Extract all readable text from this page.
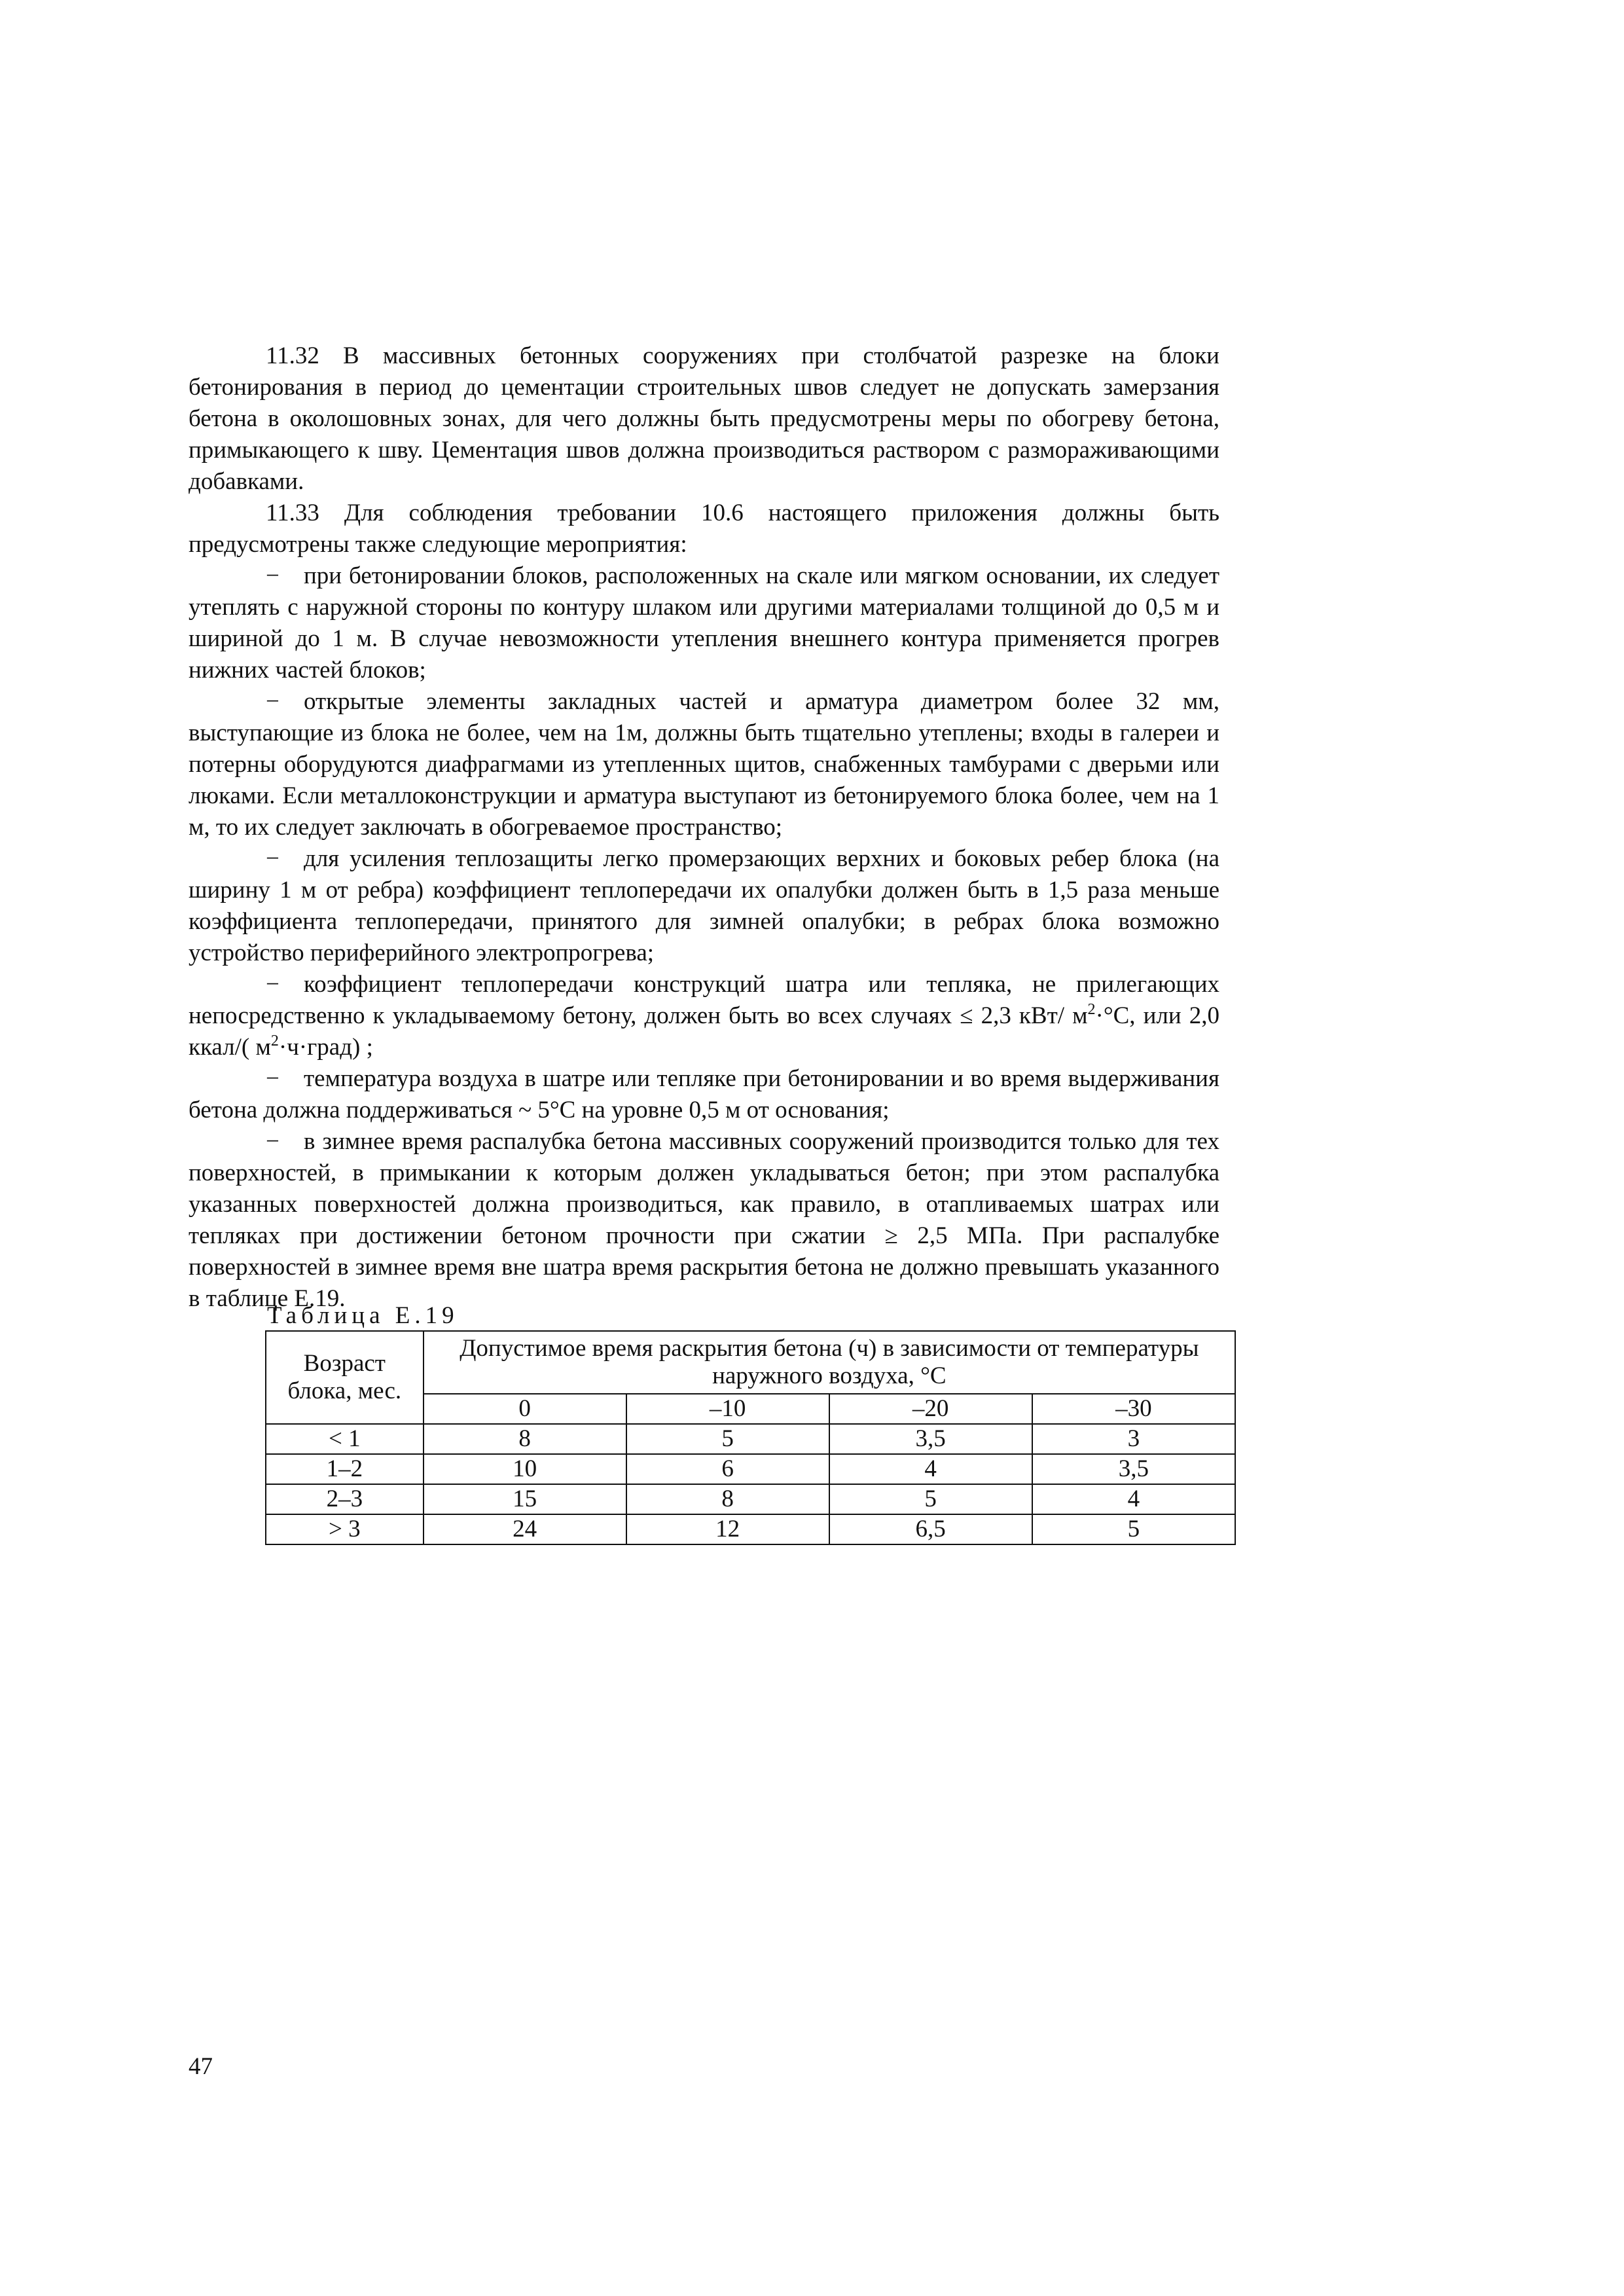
11.32 В массивных бетонных сооружениях при столбчатой разрезке на блоки бетонирования в период до цементации строительных швов следует не допускать замерзания бетона в околошовных зонах, для чего должны быть предусмотрены меры по обогреву бетона, примыкающего к шву. Цементация швов должна производиться раствором с размораживающими добавками.

11.33 Для соблюдения требовании 10.6 настоящего приложения должны быть предусмотрены также следующие мероприятия:

− при бетонировании блоков, расположенных на скале или мягком основании, их следует утеплять с наружной стороны по контуру шлаком или другими материалами толщиной до 0,5 м и шириной до 1 м. В случае невозможности утепления внешнего контура применяется прогрев нижних частей блоков;

− открытые элементы закладных частей и арматура диаметром более 32 мм, выступающие из блока не более, чем на 1м, должны быть тщательно утеплены; входы в галереи и потерны оборудуются диафрагмами из утепленных щитов, снабженных тамбурами с дверьми или люками. Если металлоконструкции и арматура выступают из бетонируемого блока более, чем на 1 м, то их следует заключать в обогреваемое пространство;

− для усиления теплозащиты легко промерзающих верхних и боковых ребер блока (на ширину 1 м от ребра) коэффициент теплопередачи их опалубки должен быть в 1,5 раза меньше коэффициента теплопередачи, принятого для зимней опалубки; в ребрах блока возможно устройство периферийного электропрогрева;

− коэффициент теплопередачи конструкций шатра или тепляка, не прилегающих непосредственно к укладываемому бетону, должен быть во всех случаях ≤ 2,3 кВт/ $м^2\cdot^\circ С$, или 2,0 ккал/( $м^2\cdot ч\cdot град$) ;

− температура воздуха в шатре или тепляке при бетонировании и во время выдерживания бетона должна поддерживаться ~ 5°С на уровне 0,5 м от основания;

− в зимнее время распалубка бетона массивных сооружений производится только для тех поверхностей, в примыкании к которым должен укладываться бетон; при этом распалубка указанных поверхностей должна производиться, как правило, в отапливаемых шатрах или тепляках при достижении бетоном прочности при сжатии ≥ 2,5 МПа. При распалубке поверхностей в зимнее время вне шатра время раскрытия бетона не должно превышать указанного в таблице Е.19.

Таблица Е.19
Возраст блока, мес.	Допустимое время раскрытия бетона (ч) в зависимости от температуры наружного воздуха, °С			
	0	–10	–20	–30
< 1	8	5	3,5	3
1–2	10	6	4	3,5
2–3	15	8	5	4
> 3	24	12	6,5	5
47
